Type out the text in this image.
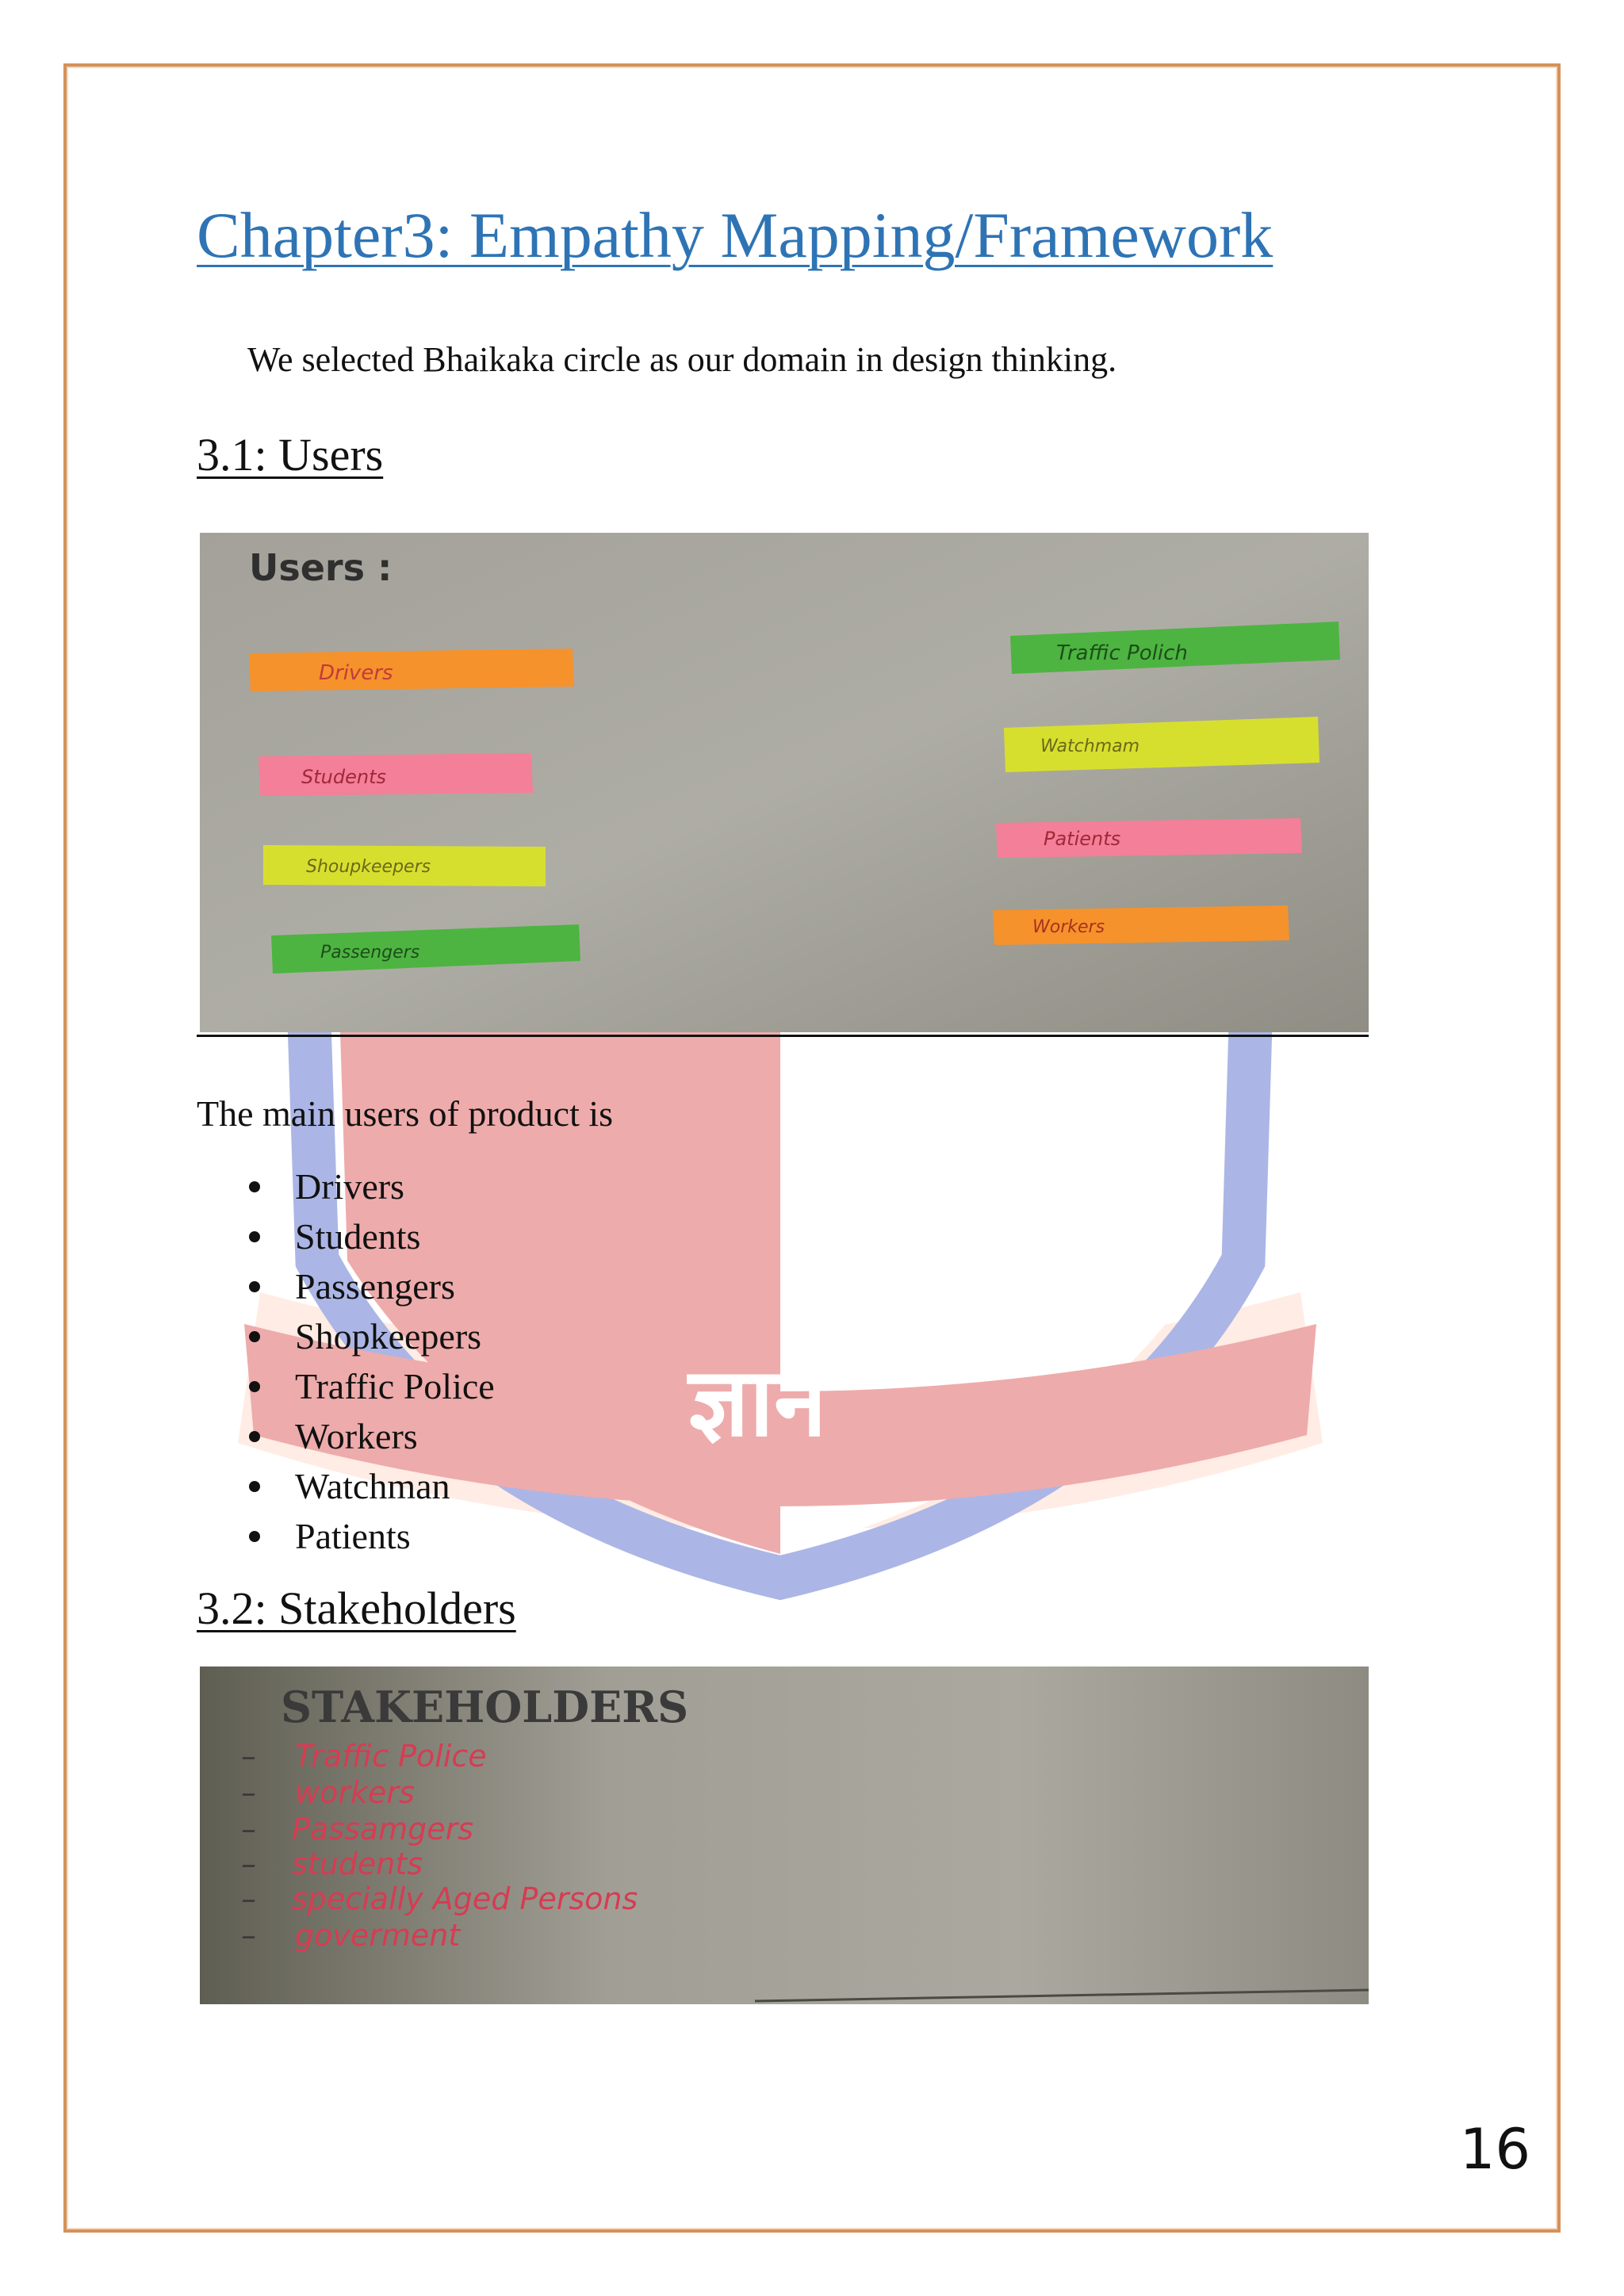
ज्ञान
Chapter3: Empathy Mapping/Framework

We selected Bhaikaka circle as our domain in design thinking.

3.1: Users
Users :
Drivers
Students
Shoupkeepers
Passengers
Traffic Polich
Watchmam
Patients
Workers

The main users of product is

Drivers
Students
Passengers
Shopkeepers
Traffic Police
Workers
Watchman
Patients
3.2: Stakeholders
STAKEHOLDERS
– Traffic Police
– workers
– Passamgers
– students
– specially Aged Persons
– goverment
16
